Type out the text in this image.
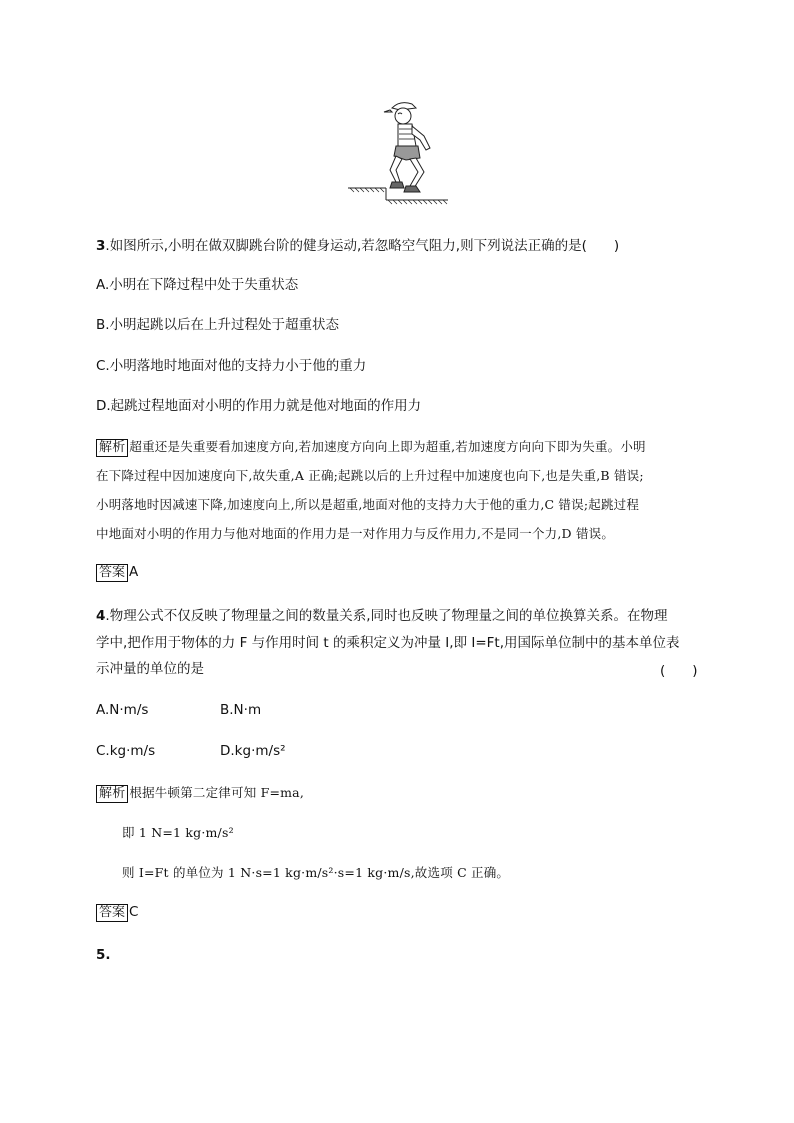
3.如图所示,小明在做双脚跳台阶的健身运动,若忽略空气阻力,则下列说法正确的是(　　)
A.小明在下降过程中处于失重状态
B.小明起跳以后在上升过程处于超重状态
C.小明落地时地面对他的支持力小于他的重力
D.起跳过程地面对小明的作用力就是他对地面的作用力
解析 超重还是失重要看加速度方向,若加速度方向向上即为超重,若加速度方向向下即为失重。小明
在下降过程中因加速度向下,故失重,A 正确;起跳以后的上升过程中加速度也向下,也是失重,B 错误;
小明落地时因减速下降,加速度向上,所以是超重,地面对他的支持力大于他的重力,C 错误;起跳过程
中地面对小明的作用力与他对地面的作用力是一对作用力与反作用力,不是同一个力,D 错误。
答案 A
4.物理公式不仅反映了物理量之间的数量关系,同时也反映了物理量之间的单位换算关系。在物理
学中,把作用于物体的力 F 与作用时间 t 的乘积定义为冲量 I,即 I=Ft,用国际单位制中的基本单位表
示冲量的单位的是	(　　)
A.N·m/s	B.N·m
C.kg·m/s	D.kg·m/s²
解析 根据牛顿第二定律可知 F=ma,
即 1 N=1 kg·m/s²
则 I=Ft 的单位为 1 N·s=1 kg·m/s²·s=1 kg·m/s,故选项 C 正确。
答案 C
5.
